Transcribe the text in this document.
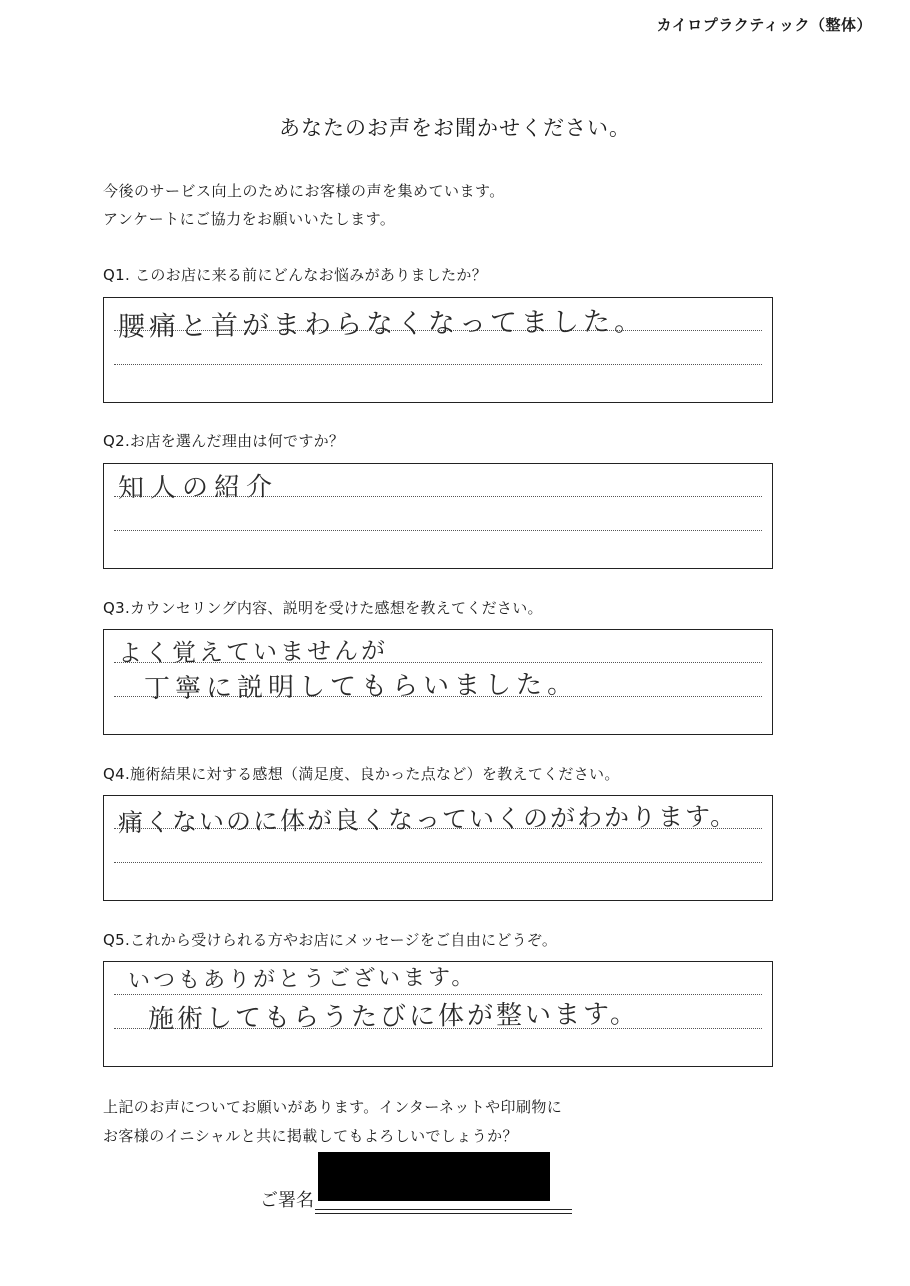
カイロプラクティック（整体）
あなたのお声をお聞かせください。
今後のサービス向上のためにお客様の声を集めています。
アンケートにご協力をお願いいたします。
Q1. このお店に来る前にどんなお悩みがありましたか？
腰痛と首がまわらなくなってました。
Q2.お店を選んだ理由は何ですか？
知人の紹介
Q3.カウンセリング内容、説明を受けた感想を教えてください。
よく覚えていませんが
丁寧に説明してもらいました。
Q4.施術結果に対する感想（満足度、良かった点など）を教えてください。
痛くないのに体が良くなっていくのがわかります。
Q5.これから受けられる方やお店にメッセージをご自由にどうぞ。
いつもありがとうございます。
施術してもらうたびに体が整います。
上記のお声についてお願いがあります。インターネットや印刷物に
お客様のイニシャルと共に掲載してもよろしいでしょうか？
ご署名
